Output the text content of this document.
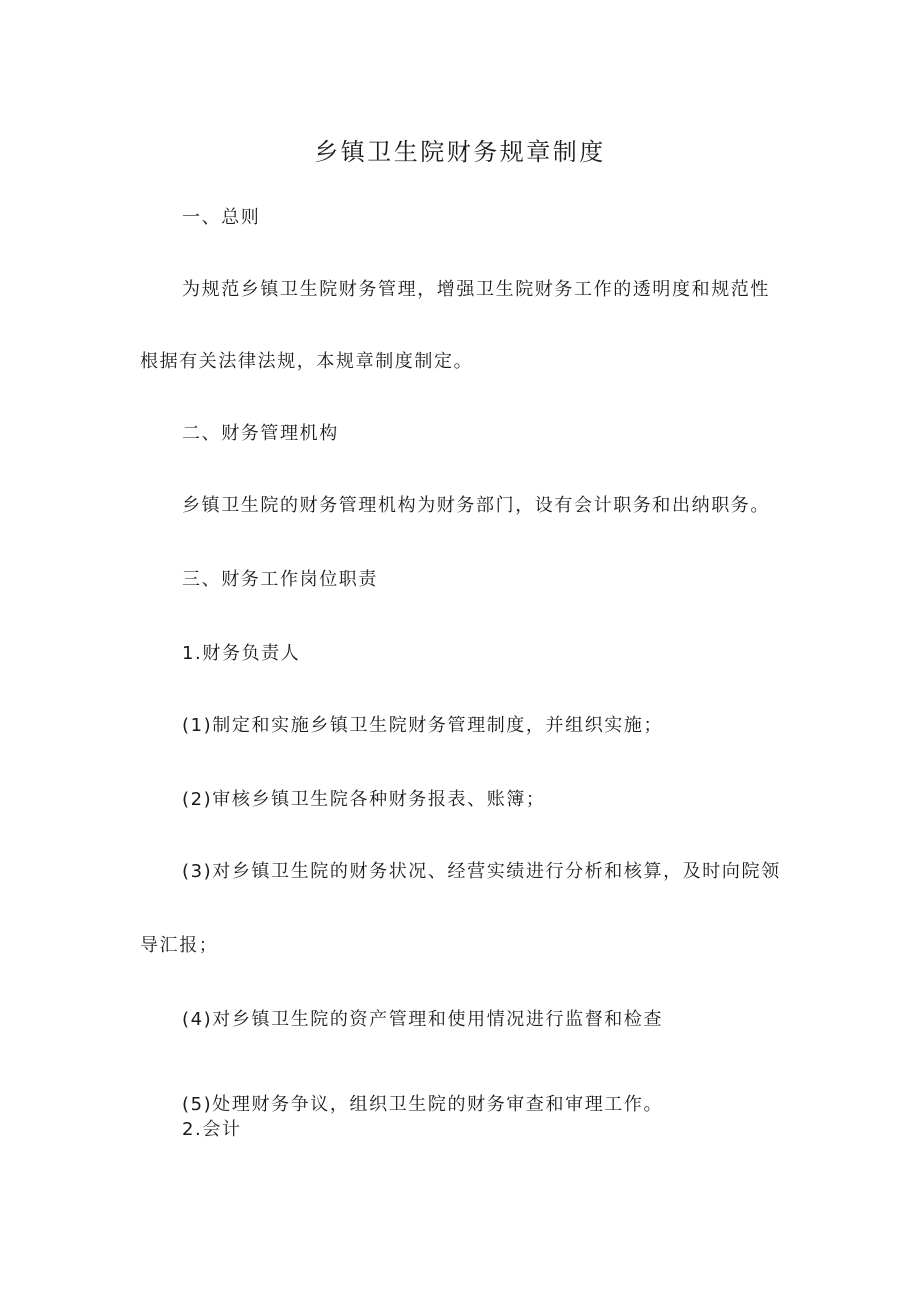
乡镇卫生院财务规章制度
一、总则
为规范乡镇卫生院财务管理，增强卫生院财务工作的透明度和规范性
根据有关法律法规，本规章制度制定。
二、财务管理机构
乡镇卫生院的财务管理机构为财务部门，设有会计职务和出纳职务。
三、财务工作岗位职责
1.财务负责人
(1)制定和实施乡镇卫生院财务管理制度，并组织实施；
(2)审核乡镇卫生院各种财务报表、账簿；
(3)对乡镇卫生院的财务状况、经营实绩进行分析和核算，及时向院领
导汇报；
(4)对乡镇卫生院的资产管理和使用情况进行监督和检查
(5)处理财务争议，组织卫生院的财务审查和审理工作。
2.会计
